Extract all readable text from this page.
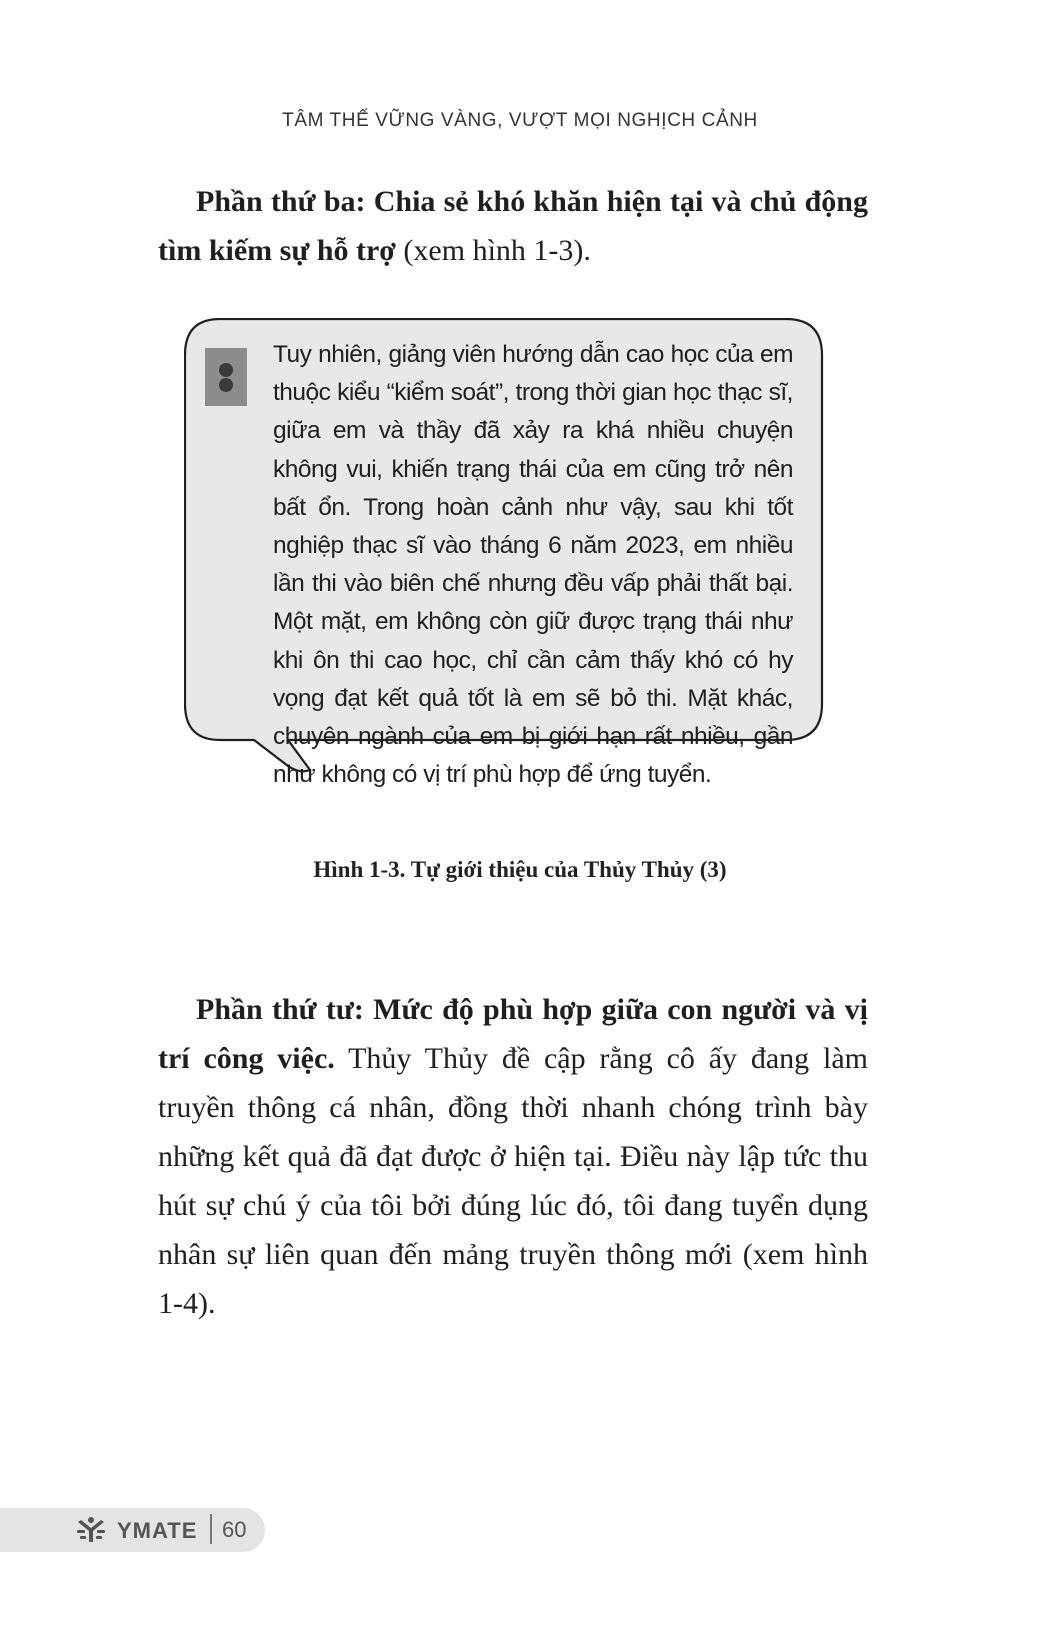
TÂM THẾ VỮNG VÀNG, VƯỢT MỌI NGHỊCH CẢNH
Phần thứ ba: Chia sẻ khó khăn hiện tại và chủ động tìm kiếm sự hỗ trợ (xem hình 1-3).
Tuy nhiên, giảng viên hướng dẫn cao học của em thuộc kiểu “kiểm soát”, trong thời gian học thạc sĩ, giữa em và thầy đã xảy ra khá nhiều chuyện không vui, khiến trạng thái của em cũng trở nên bất ổn. Trong hoàn cảnh như vậy, sau khi tốt nghiệp thạc sĩ vào tháng 6 năm 2023, em nhiều lần thi vào biên chế nhưng đều vấp phải thất bại. Một mặt, em không còn giữ được trạng thái như khi ôn thi cao học, chỉ cần cảm thấy khó có hy vọng đạt kết quả tốt là em sẽ bỏ thi. Mặt khác, chuyên ngành của em bị giới hạn rất nhiều, gần như không có vị trí phù hợp để ứng tuyển.
Hình 1-3. Tự giới thiệu của Thủy Thủy (3)
Phần thứ tư: Mức độ phù hợp giữa con người và vị trí công việc. Thủy Thủy đề cập rằng cô ấy đang làm truyền thông cá nhân, đồng thời nhanh chóng trình bày những kết quả đã đạt được ở hiện tại. Điều này lập tức thu hút sự chú ý của tôi bởi đúng lúc đó, tôi đang tuyển dụng nhân sự liên quan đến mảng truyền thông mới (xem hình 1-4).
YMATE 60
